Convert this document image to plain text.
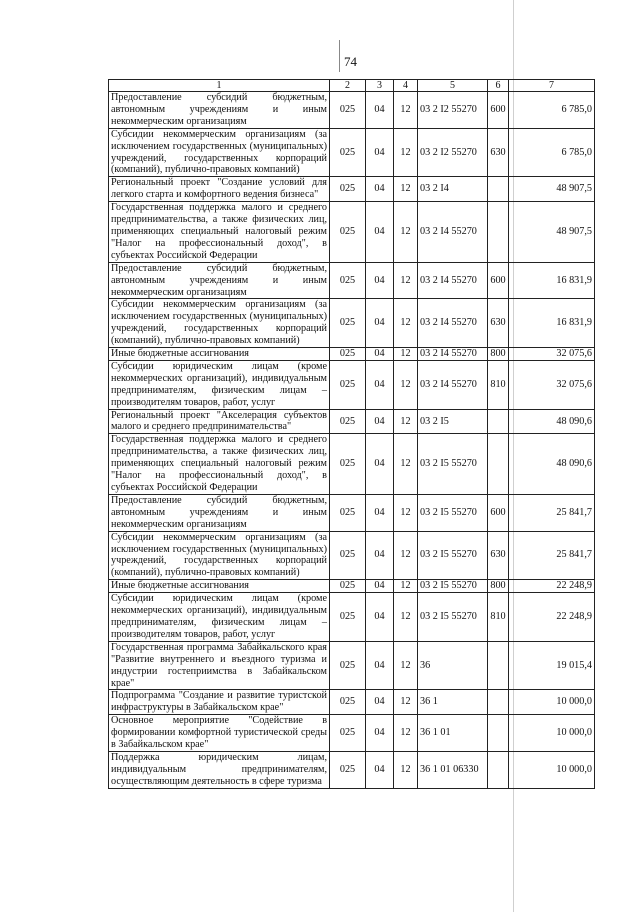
74
1	2	3	4	5	6	7
Предоставление субсидий бюджетным, автономным учреждениям и иным некоммерческим организациям	025	04	12	03 2 I2 55270	600	6 785,0
Субсидии некоммерческим организациям (за исключением государственных (муниципальных) учреждений, государственных корпораций (компаний), публично-правовых компаний)	025	04	12	03 2 I2 55270	630	6 785,0
Региональный проект "Создание условий для легкого старта и комфортного ведения бизнеса"	025	04	12	03 2 I4		48 907,5
Государственная поддержка малого и среднего предпринимательства, а также физических лиц, применяющих специальный налоговый режим "Налог на профессиональный доход", в субъектах Российской Федерации	025	04	12	03 2 I4 55270		48 907,5
Предоставление субсидий бюджетным, автономным учреждениям и иным некоммерческим организациям	025	04	12	03 2 I4 55270	600	16 831,9
Субсидии некоммерческим организациям (за исключением государственных (муниципальных) учреждений, государственных корпораций (компаний), публично-правовых компаний)	025	04	12	03 2 I4 55270	630	16 831,9
Иные бюджетные ассигнования	025	04	12	03 2 I4 55270	800	32 075,6
Субсидии юридическим лицам (кроме некоммерческих организаций), индивидуальным предпринимателям, физическим лицам – производителям товаров, работ, услуг	025	04	12	03 2 I4 55270	810	32 075,6
Региональный проект "Акселерация субъектов малого и среднего предпринимательства"	025	04	12	03 2 I5		48 090,6
Государственная поддержка малого и среднего предпринимательства, а также физических лиц, применяющих специальный налоговый режим "Налог на профессиональный доход", в субъектах Российской Федерации	025	04	12	03 2 I5 55270		48 090,6
Предоставление субсидий бюджетным, автономным учреждениям и иным некоммерческим организациям	025	04	12	03 2 I5 55270	600	25 841,7
Субсидии некоммерческим организациям (за исключением государственных (муниципальных) учреждений, государственных корпораций (компаний), публично-правовых компаний)	025	04	12	03 2 I5 55270	630	25 841,7
Иные бюджетные ассигнования	025	04	12	03 2 I5 55270	800	22 248,9
Субсидии юридическим лицам (кроме некоммерческих организаций), индивидуальным предпринимателям, физическим лицам – производителям товаров, работ, услуг	025	04	12	03 2 I5 55270	810	22 248,9
Государственная программа Забайкальского края "Развитие внутреннего и въездного туризма и индустрии гостеприимства в Забайкальском крае"	025	04	12	36		19 015,4
Подпрограмма "Создание и развитие туристской инфраструктуры в Забайкальском крае"	025	04	12	36 1		10 000,0
Основное мероприятие "Содействие в формировании комфортной туристической среды в Забайкальском крае"	025	04	12	36 1 01		10 000,0
Поддержка юридическим лицам, индивидуальным предпринимателям, осуществляющим деятельность в сфере туризма	025	04	12	36 1 01 06330		10 000,0
